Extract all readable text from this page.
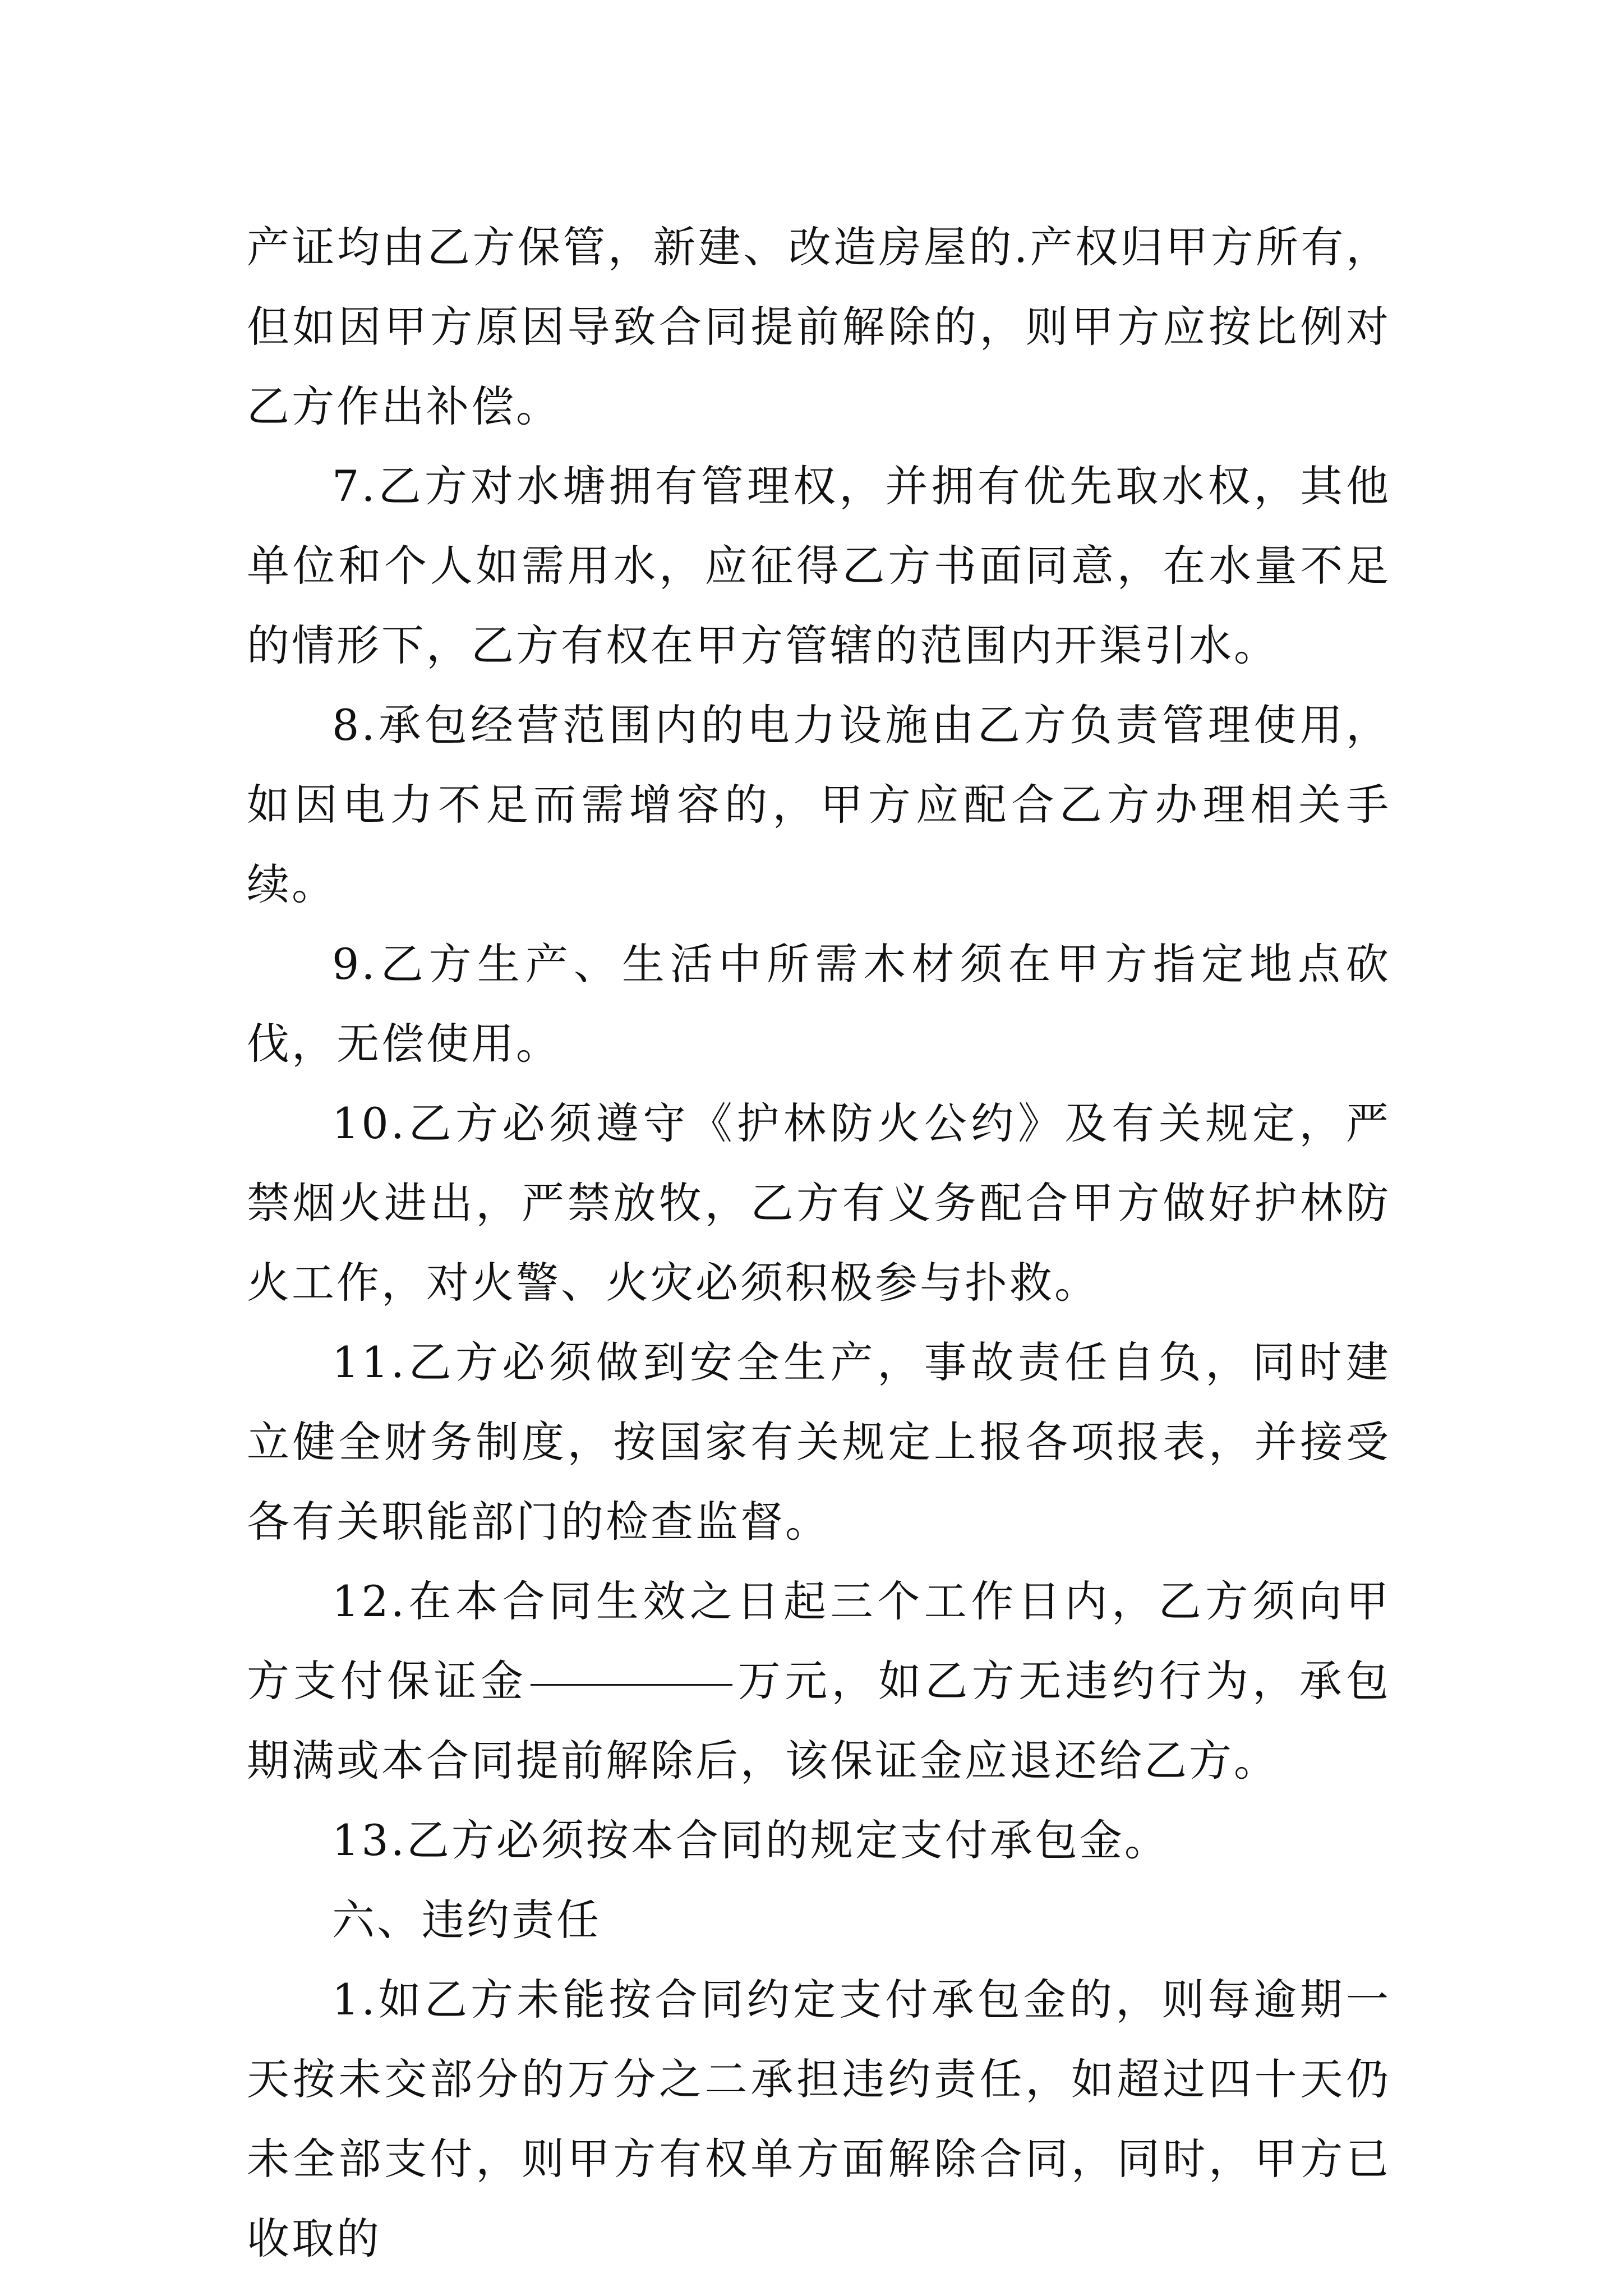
产证均由乙方保管，新建、改造房屋的.产权归甲方所有，但如因甲方原因导致合同提前解除的，则甲方应按比例对乙方作出补偿。

7.乙方对水塘拥有管理权，并拥有优先取水权，其他单位和个人如需用水，应征得乙方书面同意，在水量不足的情形下，乙方有权在甲方管辖的范围内开渠引水。

8.承包经营范围内的电力设施由乙方负责管理使用，如因电力不足而需增容的，甲方应配合乙方办理相关手续。

9.乙方生产、生活中所需木材须在甲方指定地点砍伐，无偿使用。

10.乙方必须遵守《护林防火公约》及有关规定，严禁烟火进出，严禁放牧，乙方有义务配合甲方做好护林防火工作，对火警、火灾必须积极参与扑救。

11.乙方必须做到安全生产，事故责任自负，同时建立健全财务制度，按国家有关规定上报各项报表，并接受各有关职能部门的检查监督。

12.在本合同生效之日起三个工作日内，乙方须向甲方支付保证金	万元，如乙方无违约行为，承包期满或本合同提前解除后，该保证金应退还给乙方。

13.乙方必须按本合同的规定支付承包金。

六、违约责任

1.如乙方未能按合同约定支付承包金的，则每逾期一天按未交部分的万分之二承担违约责任，如超过四十天仍未全部支付，则甲方有权单方面解除合同，同时，甲方已收取的
